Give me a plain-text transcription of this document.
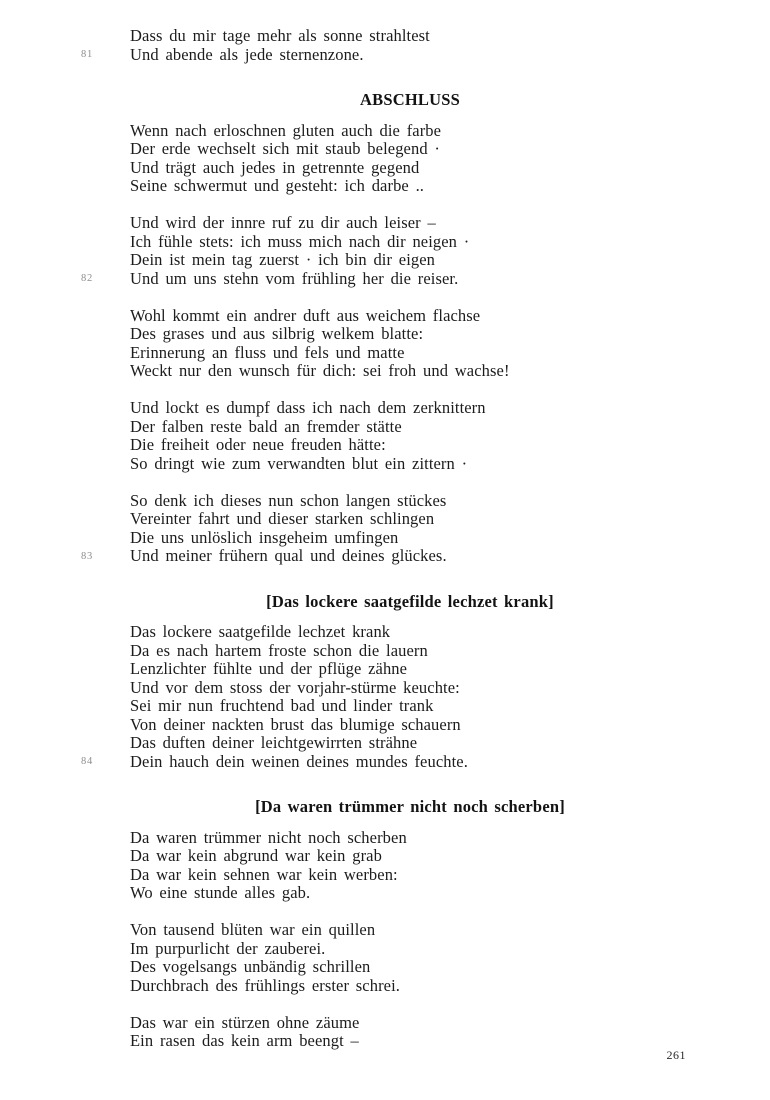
Dass du mir tage mehr als sonne strahltest
Und abende als jede sternenzone.
81
ABSCHLUSS
Wenn nach erloschnen gluten auch die farbe
Der erde wechselt sich mit staub belegend ·
Und trägt auch jedes in getrennte gegend
Seine schwermut und gesteht: ich darbe ..
Und wird der innre ruf zu dir auch leiser –
Ich fühle stets: ich muss mich nach dir neigen ·
Dein ist mein tag zuerst · ich bin dir eigen
Und um uns stehn vom frühling her die reiser.
82
Wohl kommt ein andrer duft aus weichem flachse
Des grases und aus silbrig welkem blatte:
Erinnerung an fluss und fels und matte
Weckt nur den wunsch für dich: sei froh und wachse!
Und lockt es dumpf dass ich nach dem zerknittern
Der falben reste bald an fremder stätte
Die freiheit oder neue freuden hätte:
So dringt wie zum verwandten blut ein zittern ·
So denk ich dieses nun schon langen stückes
Vereinter fahrt und dieser starken schlingen
Die uns unlöslich insgeheim umfingen
Und meiner frühern qual und deines glückes.
83
[Das lockere saatgefilde lechzet krank]
Das lockere saatgefilde lechzet krank
Da es nach hartem froste schon die lauern
Lenzlichter fühlte und der pflüge zähne
Und vor dem stoss der vorjahr-stürme keuchte:
Sei mir nun fruchtend bad und linder trank
Von deiner nackten brust das blumige schauern
Das duften deiner leichtgewirrten strähne
Dein hauch dein weinen deines mundes feuchte.
84
[Da waren trümmer nicht noch scherben]
Da waren trümmer nicht noch scherben
Da war kein abgrund war kein grab
Da war kein sehnen war kein werben:
Wo eine stunde alles gab.
Von tausend blüten war ein quillen
Im purpurlicht der zauberei.
Des vogelsangs unbändig schrillen
Durchbrach des frühlings erster schrei.
Das war ein stürzen ohne zäume
Ein rasen das kein arm beengt –
261
